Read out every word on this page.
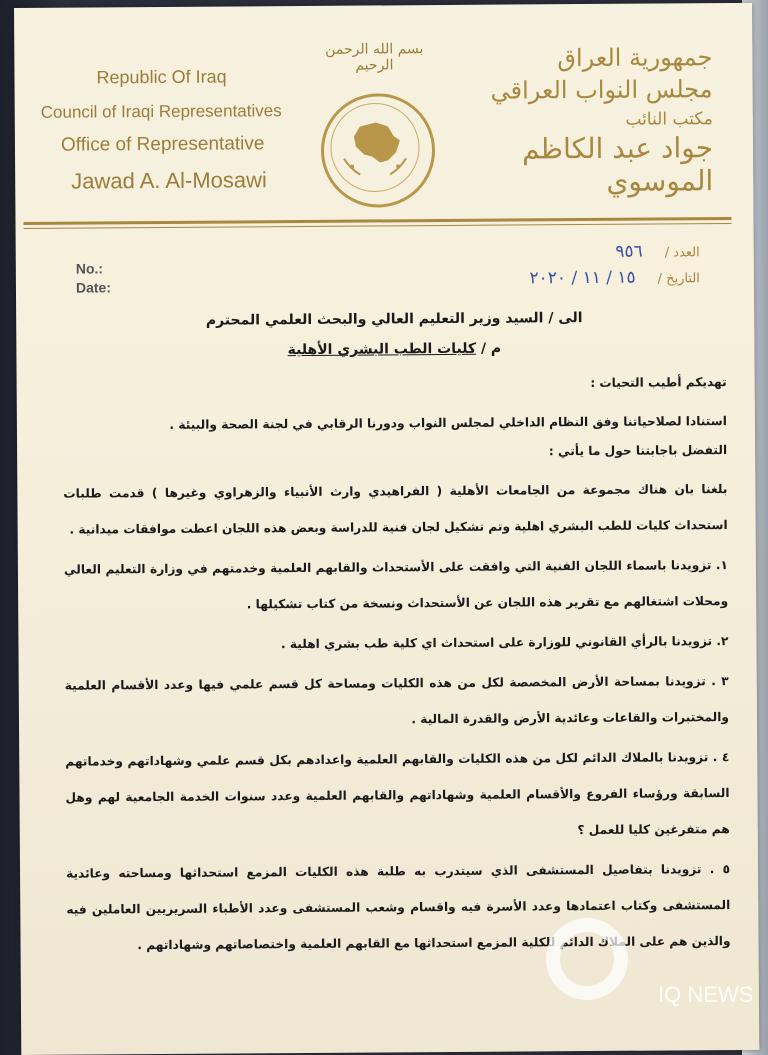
Republic Of Iraq
Council of Iraqi Representatives
Office of Representative
Jawad A. Al-Mosawi
بسم الله الرحمن الرحيم	جمهورية العراق
مجلس النواب العراقي
مكتب النائب
جواد عبد الكاظم الموسوي
No.:
Date:
العدد /٩٥٦
التاريخ /١٥ / ١١ / ٢٠٢٠

الى / السيد وزير التعليم العالي والبحث العلمي المحترم

م / كليات الطب البشري الأهلية

تهديكم أطيب التحيات :

استنادا لصلاحياتنا وفق النظام الداخلي لمجلس النواب ودورنا الرقابي في لجنة الصحة والبيئة .

التفضل باجابتنا حول ما يأتي :

بلغنا بان هناك مجموعة من الجامعات الأهلية ( الفراهيدي وارث الأنبياء والزهراوي وغيرها ) قدمت طلبات استحداث كليات للطب البشري اهلية وتم تشكيل لجان فنية للدراسة وبعض هذه اللجان اعطت موافقات ميدانية .

١. تزويدنا باسماء اللجان الفنية التي وافقت على الأستحداث والقابهم العلمية وخدمتهم في وزارة التعليم العالي ومحلات اشتغالهم مع تقرير هذه اللجان عن الأستحداث ونسخة من كتاب تشكيلها .

٢. تزويدنا بالرأي القانوني للوزارة على استحداث اي كلية طب بشري اهلية .

٣ . تزويدنا بمساحة الأرض المخصصة لكل من هذه الكليات ومساحة كل قسم علمي فيها وعدد الأقسام العلمية والمختبرات والقاعات وعائدية الأرض والقدرة المالية .

٤ . تزويدنا بالملاك الدائم لكل من هذه الكليات والقابهم العلمية واعدادهم بكل قسم علمي وشهاداتهم وخدماتهم السابقة ورؤساء الفروع والأقسام العلمية وشهاداتهم والقابهم العلمية وعدد سنوات الخدمة الجامعية لهم وهل هم متفرغين كليا للعمل ؟

٥ . تزويدنا بتفاصيل المستشفى الذي سيتدرب به طلبة هذه الكليات المزمع استحداثها ومساحته وعائدية المستشفى وكتاب اعتمادها وعدد الأسرة فيه واقسام وشعب المستشفى وعدد الأطباء السريريين العاملين فيه والذين هم على الملاك الدائم للكلية المزمع استحداثها مع القابهم العلمية واختصاصاتهم وشهاداتهم .

IQ NEWS
